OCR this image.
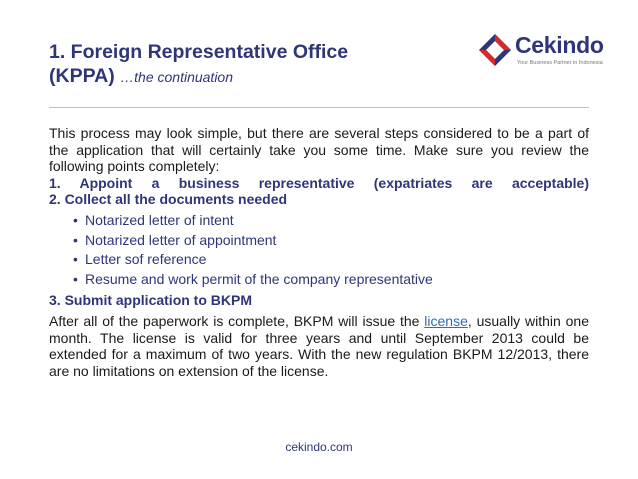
1. Foreign Representative Office
(KPPA) …the continuation
Cekindo
Your Business Partner in Indonesia

This process may look simple, but there are several steps considered to be a part of the application that will certainly take you some time. Make sure you review the following points completely:

1. Appoint a business representative (expatriates are acceptable)
2. Collect all the documents needed
• Notarized letter of intent
• Notarized letter of appointment
• Letter sof reference
• Resume and work permit of the company representative
3. Submit application to BKPM

After all of the paperwork is complete, BKPM will issue the license, usually within one month. The license is valid for three years and until September 2013 could be extended for a maximum of two years. With the new regulation BKPM 12/2013, there are no limitations on extension of the license.

cekindo.com
